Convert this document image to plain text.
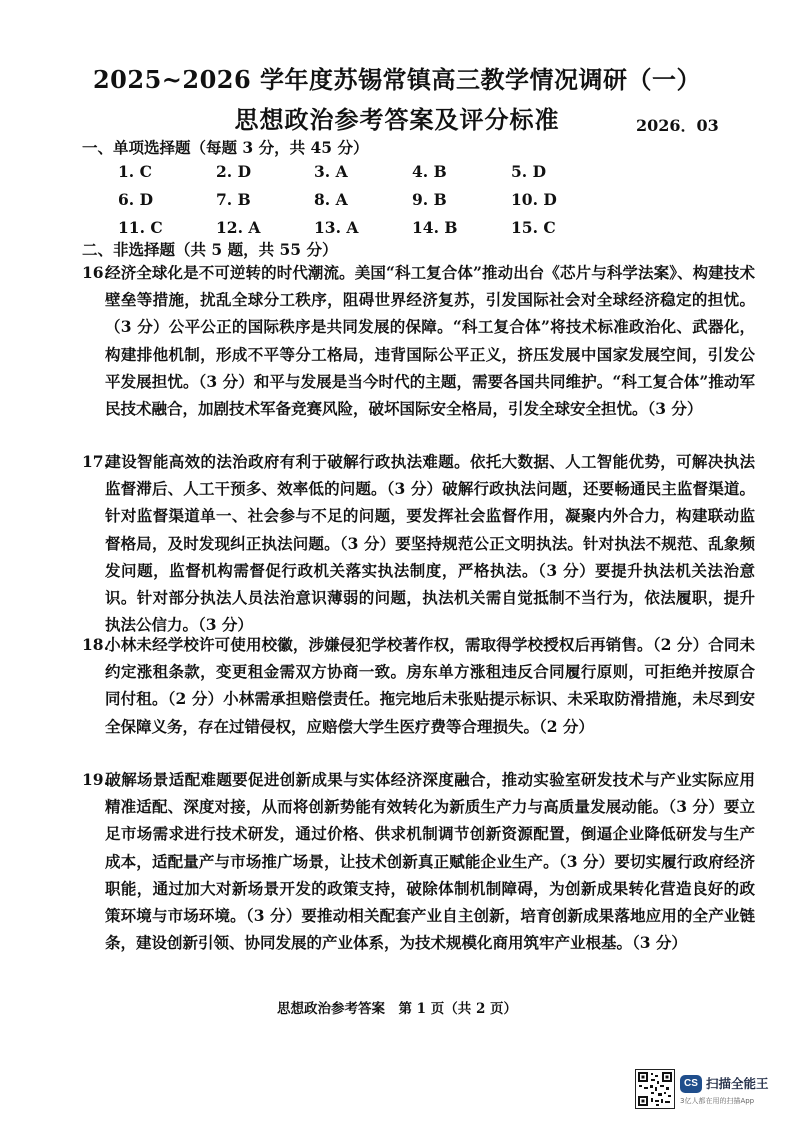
2025~2026 学年度苏锡常镇高三教学情况调研（一）
思想政治参考答案及评分标准	2026．03
一、单项选择题（每题 3 分，共 45 分）
1. C	2. D	3. A	4. B	5. D
6. D	7. B	8. A	9. B	10. D
11. C	12. A	13. A	14. B	15. C
二、非选择题（共 5 题，共 55 分）
16.经济全球化是不可逆转的时代潮流。美国“科工复合体”推动出台《芯片与科学法案》、构建技术壁垒等措施，扰乱全球分工秩序，阻碍世界经济复苏，引发国际社会对全球经济稳定的担忧。（3 分）公平公正的国际秩序是共同发展的保障。“科工复合体”将技术标准政治化、武器化，构建排他机制，形成不平等分工格局，违背国际公平正义，挤压发展中国家发展空间，引发公平发展担忧。（3 分）和平与发展是当今时代的主题，需要各国共同维护。“科工复合体”推动军民技术融合，加剧技术军备竞赛风险，破坏国际安全格局，引发全球安全担忧。（3 分）
17.建设智能高效的法治政府有利于破解行政执法难题。依托大数据、人工智能优势，可解决执法监督滞后、人工干预多、效率低的问题。（3 分）破解行政执法问题，还要畅通民主监督渠道。针对监督渠道单一、社会参与不足的问题，要发挥社会监督作用，凝聚内外合力，构建联动监督格局，及时发现纠正执法问题。（3 分）要坚持规范公正文明执法。针对执法不规范、乱象频发问题，监督机构需督促行政机关落实执法制度，严格执法。（3 分）要提升执法机关法治意识。针对部分执法人员法治意识薄弱的问题，执法机关需自觉抵制不当行为，依法履职，提升执法公信力。（3 分）
18.小林未经学校许可使用校徽，涉嫌侵犯学校著作权，需取得学校授权后再销售。（2 分）合同未约定涨租条款，变更租金需双方协商一致。房东单方涨租违反合同履行原则，可拒绝并按原合同付租。（2 分）小林需承担赔偿责任。拖完地后未张贴提示标识、未采取防滑措施，未尽到安全保障义务，存在过错侵权，应赔偿大学生医疗费等合理损失。（2 分）
19.破解场景适配难题要促进创新成果与实体经济深度融合，推动实验室研发技术与产业实际应用精准适配、深度对接，从而将创新势能有效转化为新质生产力与高质量发展动能。（3 分）要立足市场需求进行技术研发，通过价格、供求机制调节创新资源配置，倒逼企业降低研发与生产成本，适配量产与市场推广场景，让技术创新真正赋能企业生产。（3 分）要切实履行政府经济职能，通过加大对新场景开发的政策支持，破除体制机制障碍，为创新成果转化营造良好的政策环境与市场环境。（3 分）要推动相关配套产业自主创新，培育创新成果落地应用的全产业链条，建设创新引领、协同发展的产业体系，为技术规模化商用筑牢产业根基。（3 分）
思想政治参考答案　第 1 页（共 2 页）
CS 扫描全能王
3亿人都在用的扫描App
